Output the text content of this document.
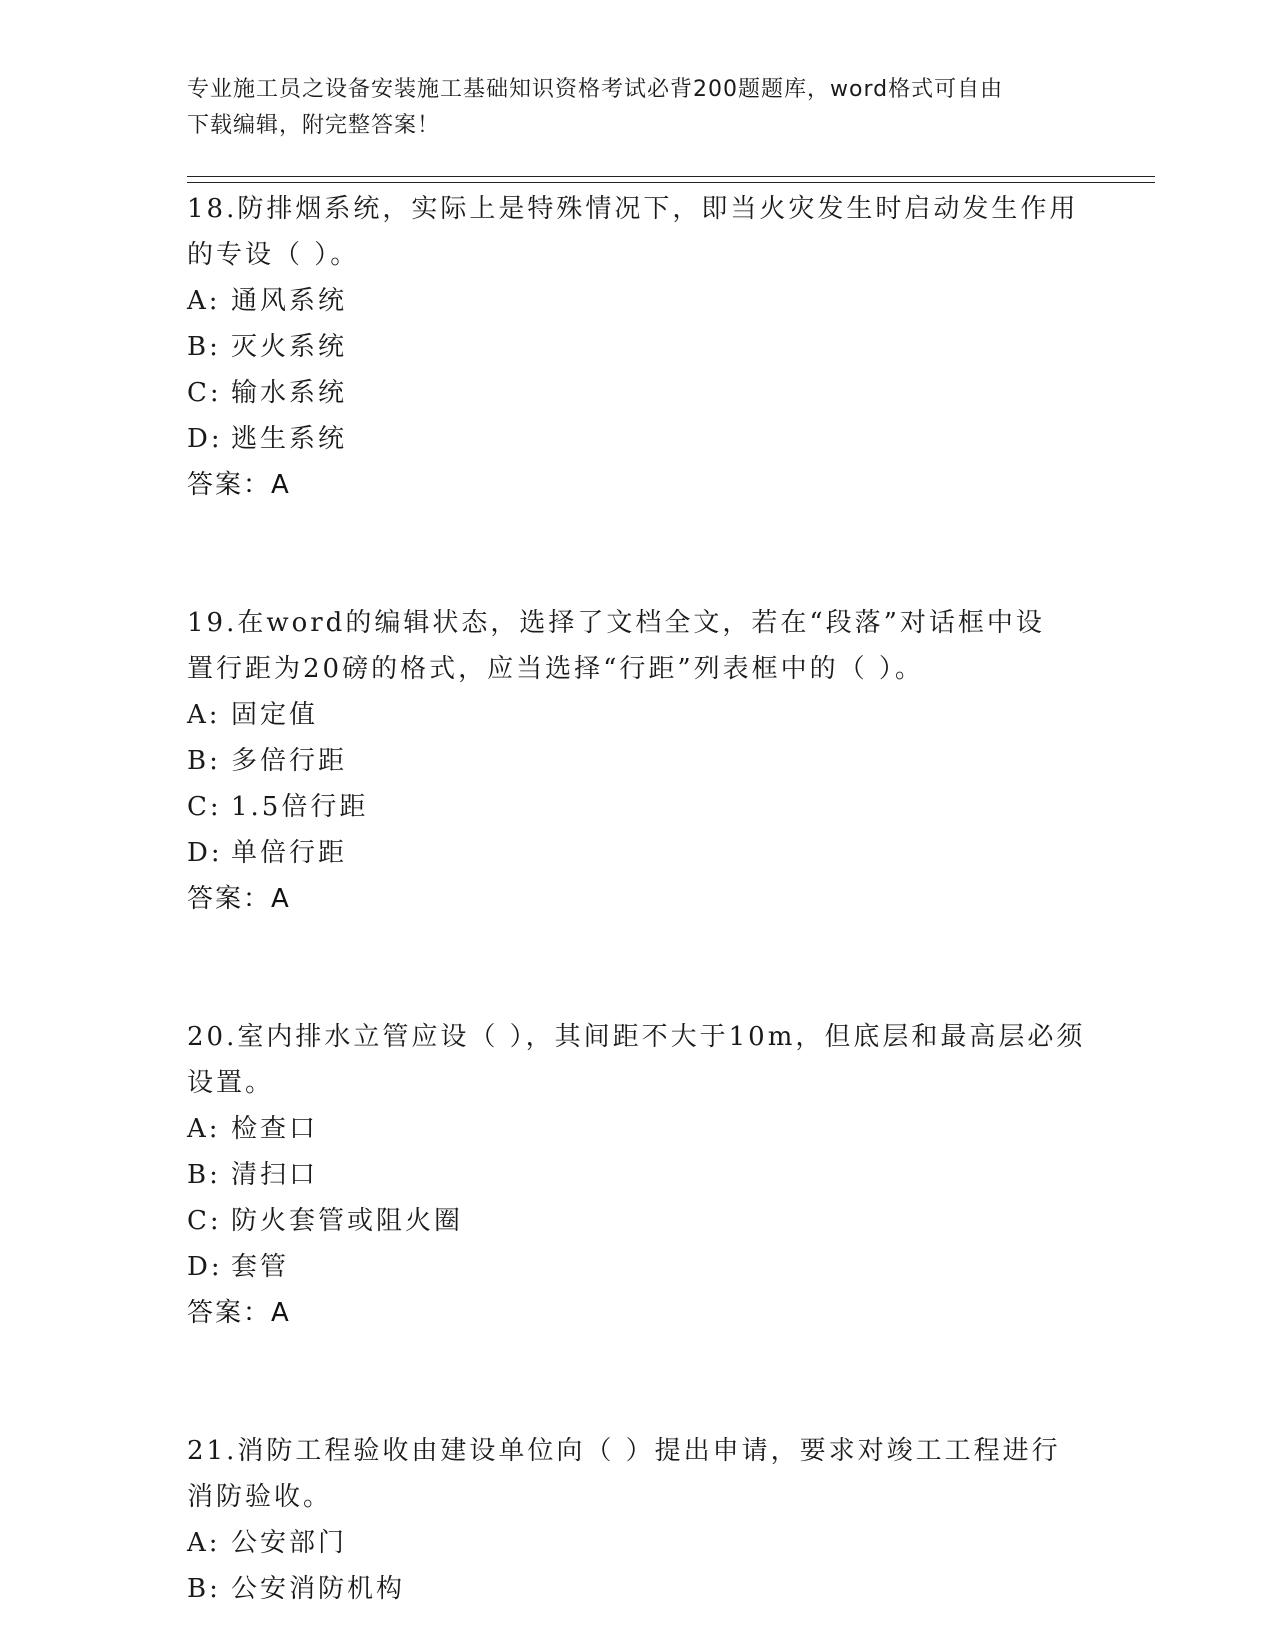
专业施工员之设备安装施工基础知识资格考试必背200题题库，word格式可自由
下载编辑，附完整答案！

18.防排烟系统，实际上是特殊情况下，即当火灾发生时启动发生作用

的专设（ ）。

A: 通风系统

B: 灭火系统

C: 输水系统

D: 逃生系统

答案：A

19.在word的编辑状态，选择了文档全文，若在“段落”对话框中设

置行距为20磅的格式，应当选择“行距”列表框中的（ ）。

A: 固定值

B: 多倍行距

C: 1.5倍行距

D: 单倍行距

答案：A

20.室内排水立管应设（ ），其间距不大于10m，但底层和最高层必须

设置。

A: 检查口

B: 清扫口

C: 防火套管或阻火圈

D: 套管

答案：A

21.消防工程验收由建设单位向（ ）提出申请，要求对竣工工程进行

消防验收。

A: 公安部门

B: 公安消防机构
